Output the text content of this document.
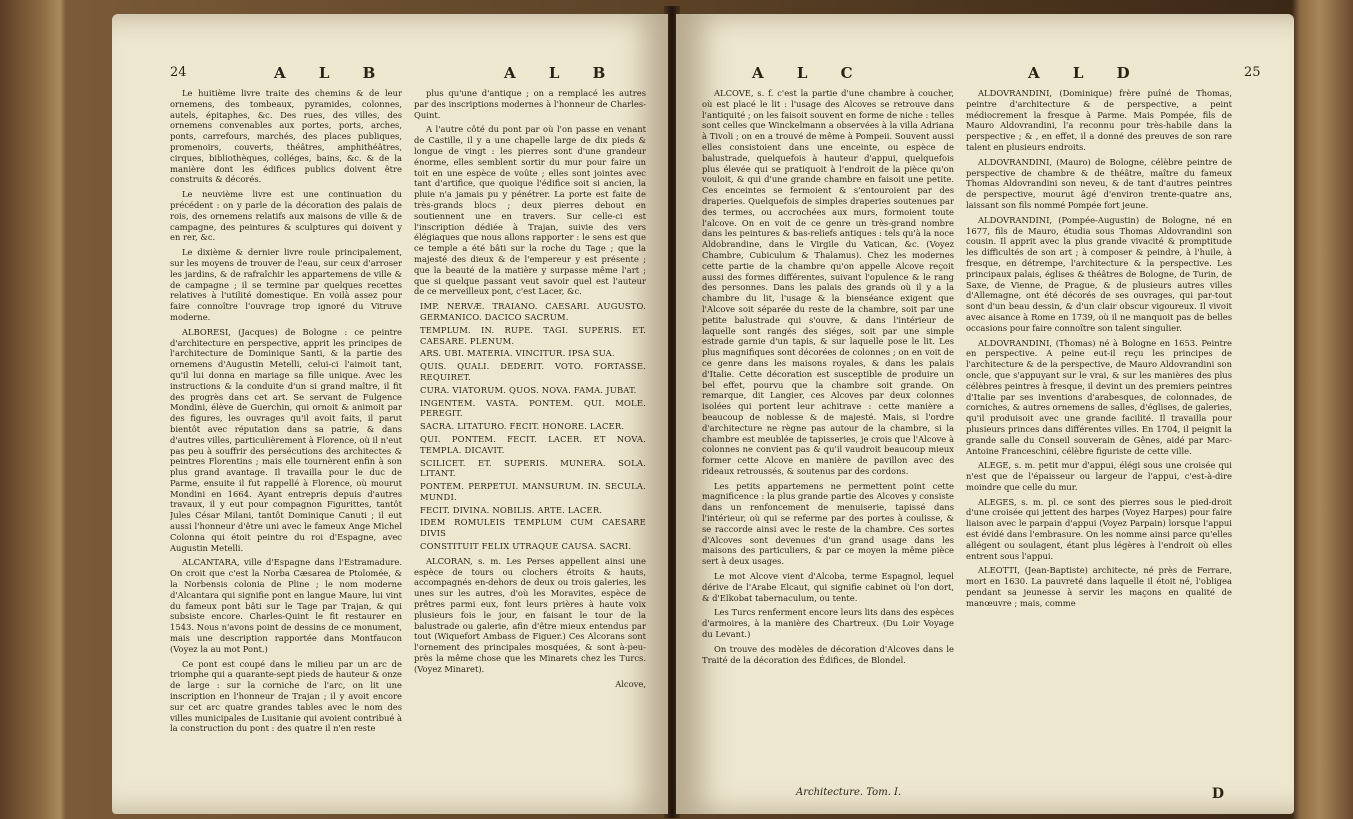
24	A L B	A L B

Le huitième livre traite des chemins & de leur ornemens, des tombeaux, pyramides, colonnes, autels, épitaphes, &c. Des rues, des villes, des ornemens convenables aux portes, ports, arches, ponts, carrefours, marchés, des places publiques, promenoirs, couverts, théâtres, amphithéâtres, cirques, bibliothèques, colléges, bains, &c. & de la manière dont les édifices publics doivent être construits & décorés.

Le neuvième livre est une continuation du précédent : on y parle de la décoration des palais de rois, des ornemens relatifs aux maisons de ville & de campagne, des peintures & sculptures qui doivent y en rer, &c.

Le dixième & dernier livre roule principalement, sur les moyens de trouver de l'eau, sur ceux d'arroser les jardins, & de rafraîchir les appartemens de ville & de campagne ; il se termine par quelques recettes relatives à l'utilité domestique. En voilà assez pour faire connoître l'ouvrage trop ignoré du Vitruve moderne.

ALBORESI, (Jacques) de Bologne : ce peintre d'architecture en perspective, apprit les principes de l'architecture de Dominique Santi, & la partie des ornemens d'Augustin Metelli, celui-ci l'aimoit tant, qu'il lui donna en mariage sa fille unique. Avec les instructions & la conduite d'un si grand maître, il fit des progrès dans cet art. Se servant de Fulgence Mondini, élève de Guerchin, qui ornoit & animoit par des figures, les ouvrages qu'il avoit faits, il parut bientôt avec réputation dans sa patrie, & dans d'autres villes, particulièrement à Florence, où il n'eut pas peu à souffrir des persécutions des architectes & peintres Florentins ; mais elle tournèrent enfin à son plus grand avantage. Il travailla pour le duc de Parme, ensuite il fut rappellé à Florence, où mourut Mondini en 1664. Ayant entrepris depuis d'autres travaux, il y eut pour compagnon Figurittes, tantôt Jules César Milani, tantôt Dominique Canuti ; il eut aussi l'honneur d'être uni avec le fameux Ange Michel Colonna qui étoit peintre du roi d'Espagne, avec Augustin Metelli.

ALCANTARA, ville d'Espagne dans l'Estramadure. On croit que c'est la Norba Cæsarea de Ptolomée, & la Norbensis colonia de Pline ; le nom moderne d'Alcantara qui signifie pont en langue Maure, lui vint du fameux pont bâti sur le Tage par Trajan, & qui subsiste encore. Charles-Quint le fit restaurer en 1543. Nous n'avons point de dessins de ce monument, mais une description rapportée dans Montfaucon (Voyez la au mot Pont.)

Ce pont est coupé dans le milieu par un arc de triomphe qui a quarante-sept pieds de hauteur & onze de large : sur la corniche de l'arc, on lit une inscription en l'honneur de Trajan ; il y avoit encore sur cet arc quatre grandes tables avec le nom des villes municipales de Lusitanie qui avoient contribué à la construction du pont : des quatre il n'en reste

plus qu'une d'antique ; on a remplacé les autres par des inscriptions modernes à l'honneur de Charles-Quint.

A l'autre côté du pont par où l'on passe en venant de Castille, il y a une chapelle large de dix pieds & longue de vingt : les pierres sont d'une grandeur énorme, elles semblent sortir du mur pour faire un toit en une espèce de voûte ; elles sont jointes avec tant d'artifice, que quoique l'édifice soit si ancien, la pluie n'a jamais pu y pénétrer. La porte est faite de très-grands blocs ; deux pierres debout en soutiennent une en travers. Sur celle-ci est l'inscription dédiée à Trajan, suivie des vers élégiaques que nous allons rapporter : le sens est que ce temple a été bâti sur la roche du Tage ; que la majesté des dieux & de l'empereur y est présente ; que la beauté de la matière y surpasse même l'art ; que si quelque passant veut savoir quel est l'auteur de ce merveilleux pont, c'est Lacer, &c.

IMP. NERVÆ. TRAIANO. CAESARI. AUGUSTO. GERMANICO. DACICO SACRUM.
TEMPLUM. IN. RUPE. TAGI. SUPERIS. ET. CAESARE. PLENUM.
ARS. UBI. MATERIA. VINCITUR. IPSA SUA.
QUIS. QUALI. DEDERIT. VOTO. FORTASSE. REQUIRET.
CURA. VIATORUM. QUOS. NOVA. FAMA. JUBAT.
INGENTEM. VASTA. PONTEM. QUI. MOLE. PEREGIT.
SACRA. LITATURO. FECIT. HONORE. LACER.
QUI. PONTEM. FECIT. LACER. ET NOVA. TEMPLA. DICAVIT.
SCILICET. ET. SUPERIS. MUNERA. SOLA. LITANT.
PONTEM. PERPETUI. MANSURUM. IN. SECULA. MUNDI.
FECIT. DIVINA. NOBILIS. ARTE. LACER.
IDEM ROMULEIS TEMPLUM CUM CAESARE DIVIS
CONSTITUIT FELIX UTRAQUE CAUSA. SACRI.

ALCORAN, s. m. Les Perses appellent ainsi une espèce de tours ou clochers étroits & hauts, accompagnés en-dehors de deux ou trois galeries, les unes sur les autres, d'où les Moravites, espèce de prêtres parmi eux, font leurs prières à haute voix plusieurs fois le jour, en faisant le tour de la balustrade ou galerie, afin d'être mieux entendus par tout (Wiquefort Ambass de Figuer.) Ces Alcorans sont l'ornement des principales mosquées, & sont à-peu-près la même chose que les Minarets chez les Turcs. (Voyez Minaret).

Alcove,
A L C	A L D	25

ALCOVE, s. f. c'est la partie d'une chambre à coucher, où est placé le lit : l'usage des Alcoves se retrouve dans l'antiquité ; on les faisoit souvent en forme de niche : telles sont celles que Winckelmann a observées à la villa Adriana à Tivoli ; on en a trouvé de même à Pompeii. Souvent aussi elles consistoient dans une enceinte, ou espèce de balustrade, quelquefois à hauteur d'appui, quelquefois plus élevée qui se pratiquoit à l'endroit de la pièce qu'on vouloit, & qui d'une grande chambre en faisoit une petite. Ces enceintes se fermoient & s'entouroient par des draperies. Quelquefois de simples draperies soutenues par des termes, ou accrochées aux murs, formoient toute l'alcove. On en voit de ce genre un très-grand nombre dans les peintures & bas-reliefs antiques : tels qu'à la noce Aldobrandine, dans le Virgile du Vatican, &c. (Voyez Chambre, Cubiculum & Thalamus). Chez les modernes cette partie de la chambre qu'on appelle Alcove reçoit aussi des formes différentes, suivant l'opulence & le rang des personnes. Dans les palais des grands où il y a la chambre du lit, l'usage & la bienséance exigent que l'Alcove soit séparée du reste de la chambre, soit par une petite balustrade qui s'ouvre, & dans l'intérieur de laquelle sont rangés des siéges, soit par une simple estrade garnie d'un tapis, & sur laquelle pose le lit. Les plus magnifiques sont décorées de colonnes ; on en voit de ce genre dans les maisons royales, & dans les palais d'Italie. Cette décoration est susceptible de produire un bel effet, pourvu que la chambre soit grande. On remarque, dit Langier, ces Alcoves par deux colonnes isolées qui portent leur achitrave : cette manière a beaucoup de noblesse & de majesté. Mais, si l'ordre d'architecture ne règne pas autour de la chambre, si la chambre est meublée de tapisseries, je crois que l'Alcove à colonnes ne convient pas & qu'il vaudroit beaucoup mieux former cette Alcove en manière de pavillon avec des rideaux retroussés, & soutenus par des cordons.

Les petits appartemens ne permettent point cette magnificence : la plus grande partie des Alcoves y consiste dans un renfoncement de menuiserie, tapissé dans l'intérieur, où qui se referme par des portes à coulisse, & se raccorde ainsi avec le reste de la chambre. Ces sortes d'Alcoves sont devenues d'un grand usage dans les maisons des particuliers, & par ce moyen la même pièce sert à deux usages.

Le mot Alcove vient d'Alcoba, terme Espagnol, lequel dérive de l'Arabe Elcaut, qui signifie cabinet où l'on dort, & d'Elkobat tabernaculum, ou tente.

Les Turcs renferment encore leurs lits dans des espèces d'armoires, à la manière des Chartreux. (Du Loir Voyage du Levant.)

On trouve des modèles de décoration d'Alcoves dans le Traité de la décoration des Édifices, de Blondel.

ALDOVRANDINI, (Dominique) frère puîné de Thomas, peintre d'architecture & de perspective, a peint médiocrement la fresque à Parme. Mais Pompée, fils de Mauro Aldovrandini, l'a reconnu pour très-habile dans la perspective ; & , en effet, il a donné des preuves de son rare talent en plusieurs endroits.

ALDOVRANDINI, (Mauro) de Bologne, célèbre peintre de perspective de chambre & de théâtre, maître du fameux Thomas Aldovrandini son neveu, & de tant d'autres peintres de perspective, mourut âgé d'environ trente-quatre ans, laissant son fils nommé Pompée fort jeune.

ALDOVRANDINI, (Pompée-Augustin) de Bologne, né en 1677, fils de Mauro, étudia sous Thomas Aldovrandini son cousin. Il apprit avec la plus grande vivacité & promptitude les difficultés de son art ; à composer & peindre, à l'huile, à fresque, en détrempe, l'architecture & la perspective. Les principaux palais, églises & théâtres de Bologne, de Turin, de Saxe, de Vienne, de Prague, & de plusieurs autres villes d'Allemagne, ont été décorés de ses ouvrages, qui par-tout sont d'un beau dessin, & d'un clair obscur vigoureux. Il vivoit avec aisance à Rome en 1739, où il ne manquoit pas de belles occasions pour faire connoître son talent singulier.

ALDOVRANDINI, (Thomas) né à Bologne en 1653. Peintre en perspective. A peine eut-il reçu les principes de l'architecture & de la perspective, de Mauro Aldovrandini son oncle, que s'appuyant sur le vrai, & sur les manières des plus célèbres peintres à fresque, il devint un des premiers peintres d'Italie par ses inventions d'arabesques, de colonnades, de corniches, & autres ornemens de salles, d'églises, de galeries, qu'il produisoit avec une grande facilité. Il travailla pour plusieurs princes dans différentes villes. En 1704, il peignit la grande salle du Conseil souverain de Gênes, aidé par Marc-Antoine Franceschini, célèbre figuriste de cette ville.

ALEGE, s. m. petit mur d'appui, élégi sous une croisée qui n'est que de l'épaisseur ou largeur de l'appui, c'est-à-dire moindre que celle du mur.

ALEGES, s. m. pl. ce sont des pierres sous le pied-droit d'une croisée qui jettent des harpes (Voyez Harpes) pour faire liaison avec le parpain d'appui (Voyez Parpain) lorsque l'appui est évidé dans l'embrasure. On les nomme ainsi parce qu'elles allégent ou soulagent, étant plus légères à l'endroit où elles entrent sous l'appui.

ALEOTTI, (Jean-Baptiste) architecte, né près de Ferrare, mort en 1630. La pauvreté dans laquelle il étoit né, l'obligea pendant sa jeunesse à servir les maçons en qualité de manœuvre ; mais, comme

Architecture. Tom. I.	D
